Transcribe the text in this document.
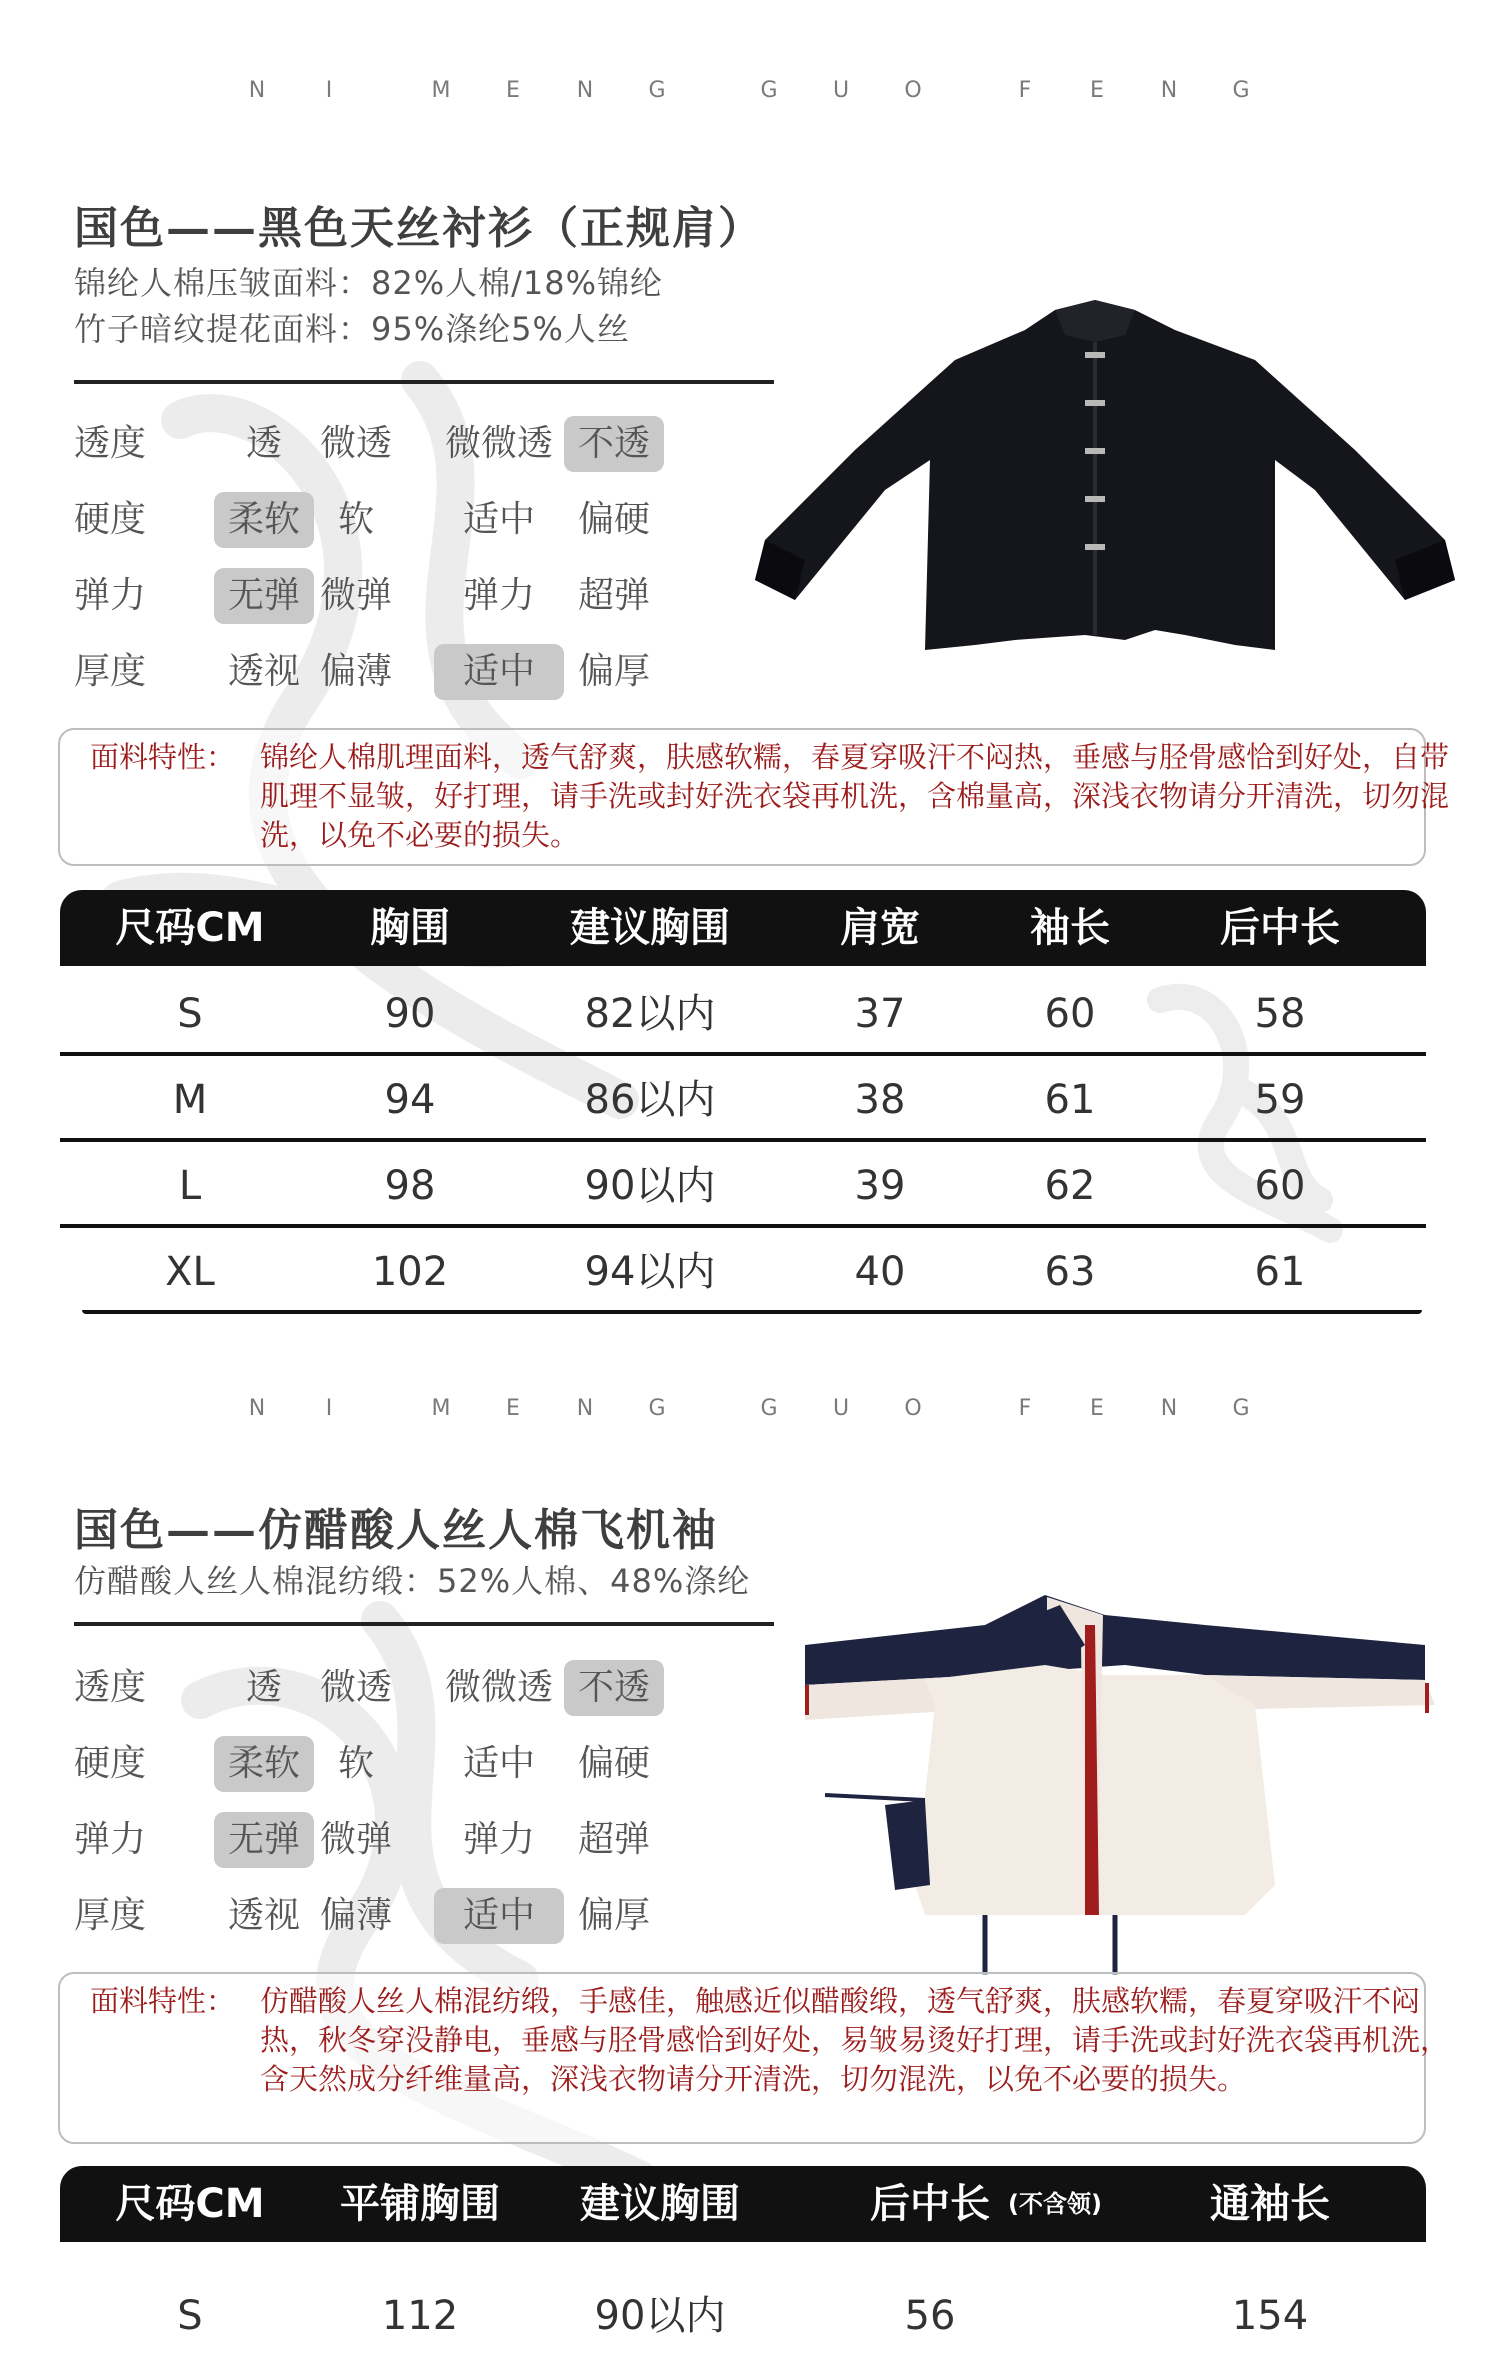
N	I	M E N G	G U O	F	E N G
国色——黑色天丝衬衫（正规肩）
锦纶人棉压皱面料：82%人棉/18%锦纶
竹子暗纹提花面料：95%涤纶5%人丝
透度	透	微透	微微透 不透
硬度	柔软	软	适中	偏硬
弹力	无弹 微弹	弹力	超弹
厚度	透视 偏薄	适中	偏厚
面料特性： 锦纶人棉肌理面料，透气舒爽，肤感软糯，春夏穿吸汗不闷热，垂感与胫骨感恰到好处，自带肌理不显皱，好打理，请手洗或封好洗衣袋再机洗，含棉量高，深浅衣物请分开清洗，切勿混洗，以免不必要的损失。
尺码CM	胸围	建议胸围	肩宽	袖长	后中长
S	90	82以内	37	60	58
M	94	86以内	38	61	59
L	98	90以内	39	62	60
XL	102	94以内	40	63	61
N	I	M E N G	G U O	F	E N G
国色——仿醋酸人丝人棉飞机袖
仿醋酸人丝人棉混纺缎：52%人棉、48%涤纶
透度	透	微透	微微透 不透
硬度	柔软	软	适中	偏硬
弹力	无弹 微弹	弹力	超弹
厚度	透视 偏薄	适中	偏厚
面料特性： 仿醋酸人丝人棉混纺缎，手感佳，触感近似醋酸缎，透气舒爽，肤感软糯，春夏穿吸汗不闷热，秋冬穿没静电，垂感与胫骨感恰到好处，易皱易烫好打理，请手洗或封好洗衣袋再机洗，含天然成分纤维量高，深浅衣物请分开清洗，切勿混洗，以免不必要的损失。
尺码CM	平铺胸围	建议胸围	后中长 (不含领)	通袖长
S	112	90以内	56	154
